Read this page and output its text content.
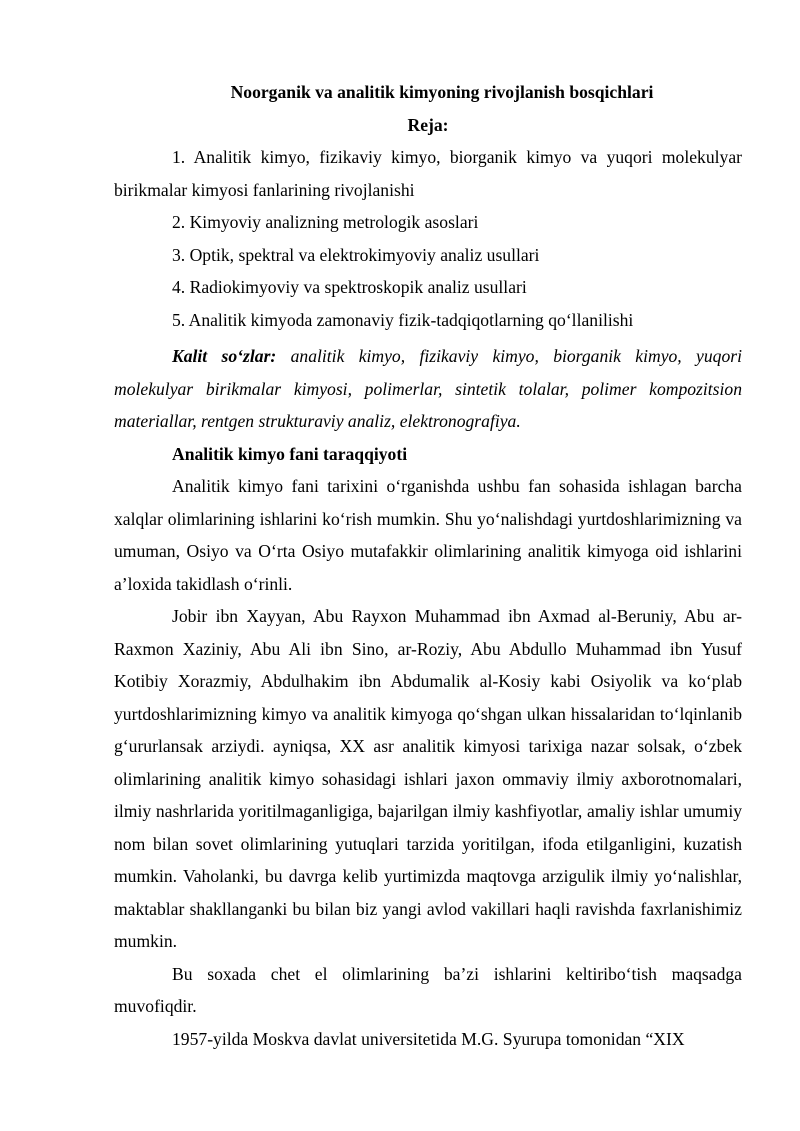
Noorganik va analitik kimyoning rivojlanish bosqichlari
Reja:

1. Analitik kimyo, fizikaviy kimyo, biorganik kimyo va yuqori molekulyar birikmalar kimyosi fanlarining rivojlanishi

2. Kimyoviy analizning metrologik asoslari

3. Optik, spektral va elektrokimyoviy analiz usullari

4. Radiokimyoviy va spektroskopik analiz usullari

5. Analitik kimyoda zamonaviy fizik-tadqiqotlarning qo‘llanilishi

Kalit so‘zlar: analitik kimyo, fizikaviy kimyo, biorganik kimyo, yuqori molekulyar birikmalar kimyosi, polimerlar, sintetik tolalar, polimer kompozitsion materiallar, rentgen strukturaviy analiz, elektronografiya.

Analitik kimyo fani taraqqiyoti

Analitik kimyo fani tarixini o‘rganishda ushbu fan sohasida ishlagan barcha xalqlar olimlarining ishlarini ko‘rish mumkin. Shu yo‘nalishdagi yurtdoshlarimizning va umuman, Osiyo va O‘rta Osiyo mutafakkir olimlarining analitik kimyoga oid ishlarini a’loxida takidlash o‘rinli.

Jobir ibn Xayyan, Abu Rayxon Muhammad ibn Axmad al-Beruniy, Abu ar-Raxmon Xaziniy, Abu Ali ibn Sino, ar-Roziy, Abu Abdullo Muhammad ibn Yusuf Kotibiy Xorazmiy, Abdulhakim ibn Abdumalik al-Kosiy kabi Osiyolik va ko‘plab yurtdoshlarimizning kimyo va analitik kimyoga qo‘shgan ulkan hissalaridan to‘lqinlanib g‘ururlansak arziydi. ayniqsa, XX asr analitik kimyosi tarixiga nazar solsak, o‘zbek olimlarining analitik kimyo sohasidagi ishlari jaxon ommaviy ilmiy axborotnomalari, ilmiy nashrlarida yoritilmaganligiga, bajarilgan ilmiy kashfiyotlar, amaliy ishlar umumiy nom bilan sovet olimlarining yutuqlari tarzida yoritilgan, ifoda etilganligini, kuzatish mumkin. Vaholanki, bu davrga kelib yurtimizda maqtovga arzigulik ilmiy yo‘nalishlar, maktablar shakllanganki bu bilan biz yangi avlod vakillari haqli ravishda faxrlanishimiz mumkin.

Bu soxada chet el olimlarining ba’zi ishlarini keltiribo‘tish maqsadga muvofiqdir.

1957-yilda Moskva davlat universitetida M.G. Syurupa tomonidan “XIX
